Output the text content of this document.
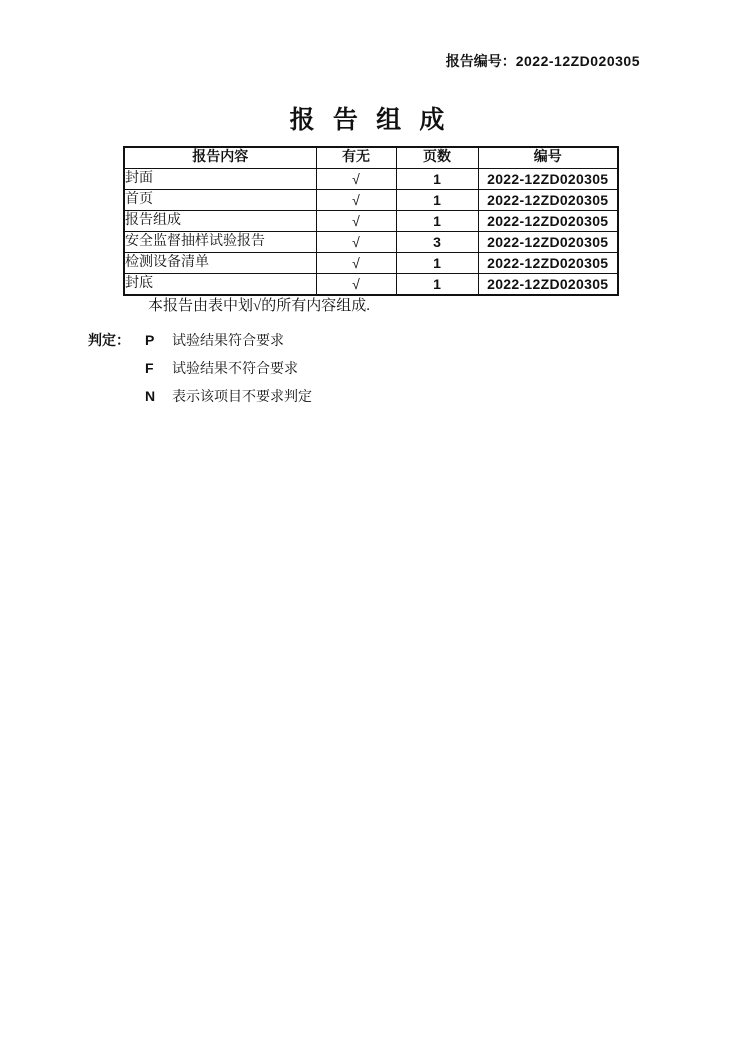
报告编号：2022-12ZD020305
报 告 组 成
报告内容	有无	页数	编号
封面	√	1	2022-12ZD020305
首页	√	1	2022-12ZD020305
报告组成	√	1	2022-12ZD020305
安全监督抽样试验报告	√	3	2022-12ZD020305
检测设备清单	√	1	2022-12ZD020305
封底	√	1	2022-12ZD020305
本报告由表中划√的所有内容组成.
判定：	P	试验结果符合要求
F	试验结果不符合要求
N	表示该项目不要求判定
